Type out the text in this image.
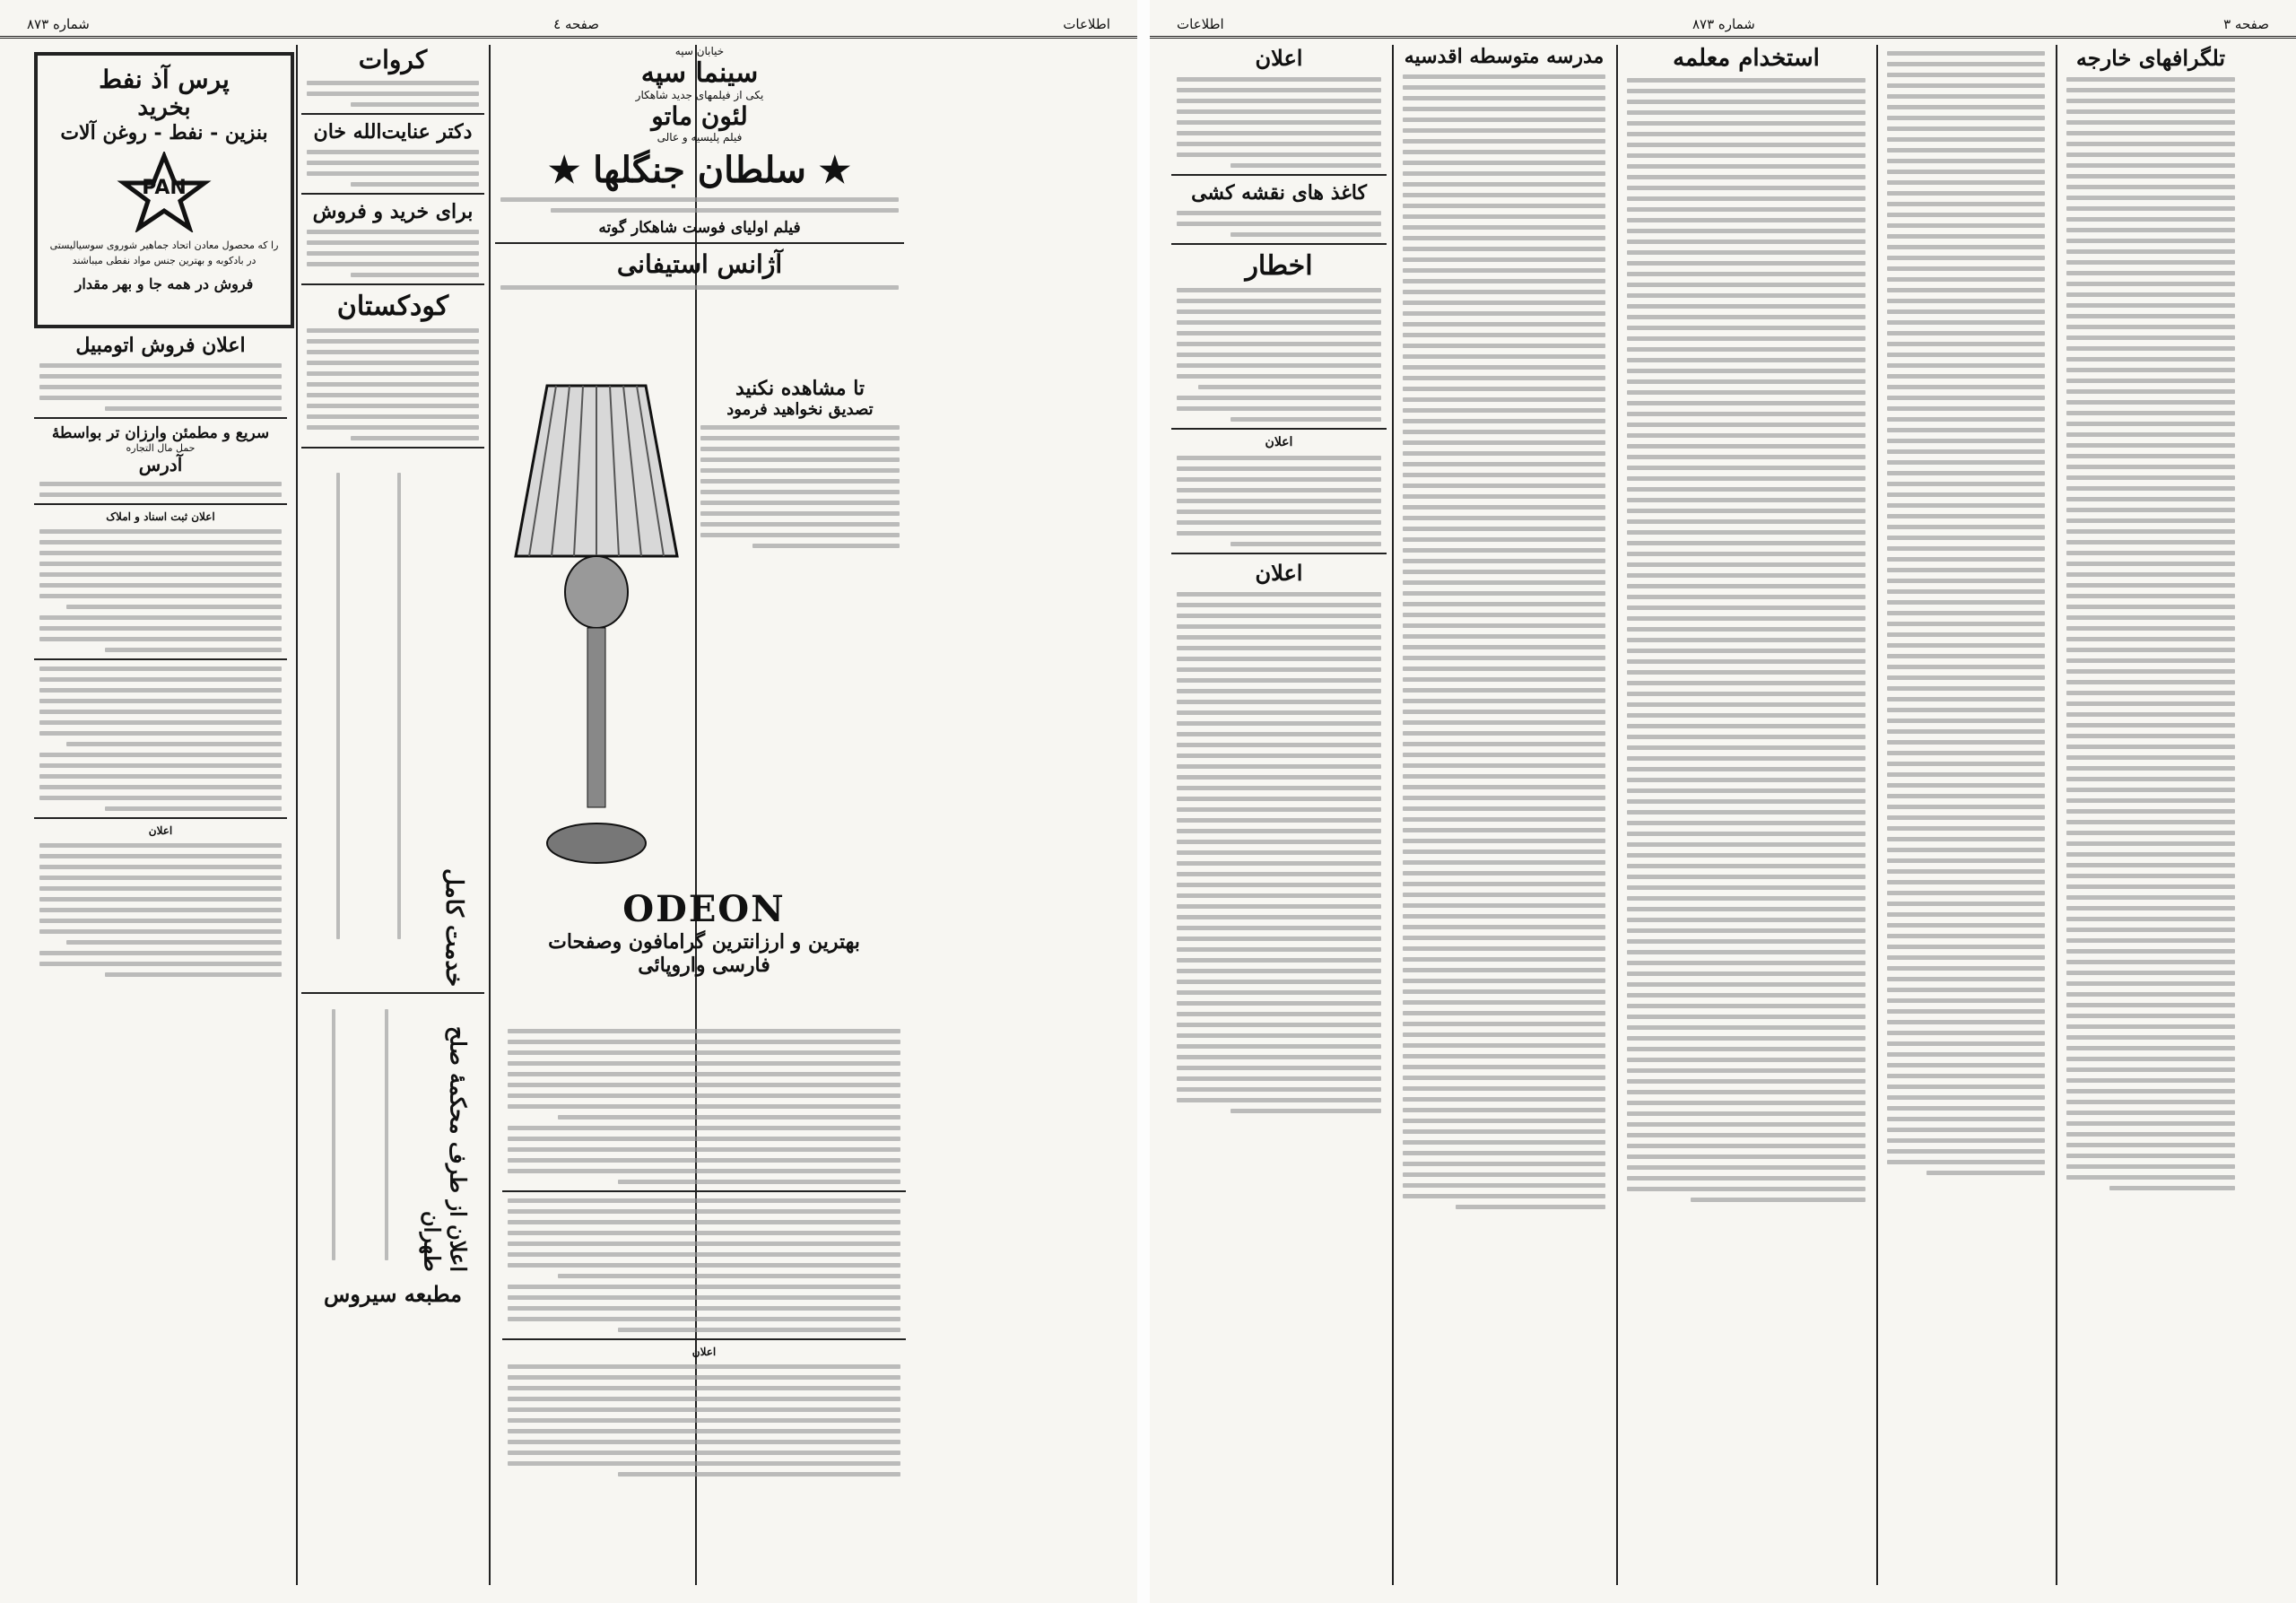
شماره ۸۷۳	صفحه ٤	اطلاعات
پرس آذ نفط
بخرید
بنزین - نفط - روغن آلات
PAN
را که محصول معادن اتحاد جماهیر شوروی سوسیالیستی
در بادکوبه و بهترین جنس مواد نفطی میباشند
فروش در همه جا و بهر مقدار
اعلان فروش اتومبیل
سریع و مطمئن وارزان تر بواسطهٔ
حمل مال التجاره
آدرس
اعلان ثبت اسناد و املاک
اعلان
کروات
دکتر عنایت‌الله خان
برای خرید و فروش
کودکستان
خدمت کامل
اعلان از طرف محکمهٔ صلح طهران
مطبعه سیروس
خیابان سپه
سینما سپه
یکی از فیلمهای جدید شاهکار
لئون ماتو
فیلم پلیسیه و عالی
★ سلطان جنگلها ★
فیلم اولیای فوست شاهکار گوته
آژانس استیفانی
تا مشاهده نکنید
تصدیق نخواهید فرمود
ODEON
بهترین و ارزانترین گرامافون وصفحات
فارسی واروپائی
اعلان
اطلاعات	شماره ۸۷۳	صفحه ۳
اعلان
کاغذ های نقشه کشی
اخطار
اعلان
اعلان
مدرسه متوسطه اقدسیه	استخدام معلمه	تلگرافهای خارجه
